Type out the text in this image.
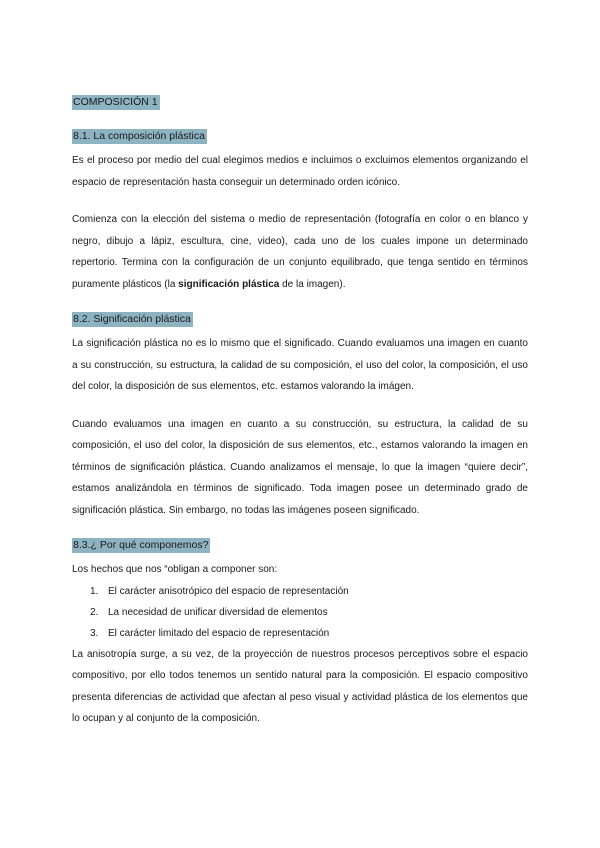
COMPOSICIÓN 1
8.1. La composición plástica

Es el proceso por medio del cual elegimos medios e incluimos o excluimos elementos organizando el espacio de representación hasta conseguir un determinado orden icónico.

Comienza con la elección del sistema o medio de representación (fotografía en color o en blanco y negro, dibujo a lápiz, escultura, cine, video), cada uno de los cuales impone un determinado repertorio. Termina con la configuración de un conjunto equilibrado, que tenga sentido en términos puramente plásticos (la significación plástica de la imagen).

8.2. Significación plástica

La significación plástica no es lo mismo que el significado. Cuando evaluamos una imagen en cuanto a su construcción, su estructura, la calidad de su composición, el uso del color, la composición, el uso del color, la disposición de sus elementos, etc. estamos valorando la imágen.

Cuando evaluamos una imagen en cuanto a su construcción, su estructura, la calidad de su composición, el uso del color, la disposición de sus elementos, etc., estamos valorando la imagen en términos de significación plástica. Cuando analizamos el mensaje, lo que la imagen “quiere decir”, estamos analizándola en términos de significado. Toda imagen posee un determinado grado de significación plástica. Sin embargo, no todas las imágenes poseen significado.

8.3.¿ Por qué componemos?

Los hechos que nos “obligan a componer son:

1. El carácter anisotrópico del espacio de representación
2. La necesidad de unificar diversidad de elementos
3. El carácter limitado del espacio de representación

La anisotropía surge, a su vez, de la proyección de nuestros procesos perceptivos sobre el espacio compositivo, por ello todos tenemos un sentido natural para la composición. El espacio compositivo presenta diferencias de actividad que afectan al peso visual y actividad plástica de los elementos que lo ocupan y al conjunto de la composición.
